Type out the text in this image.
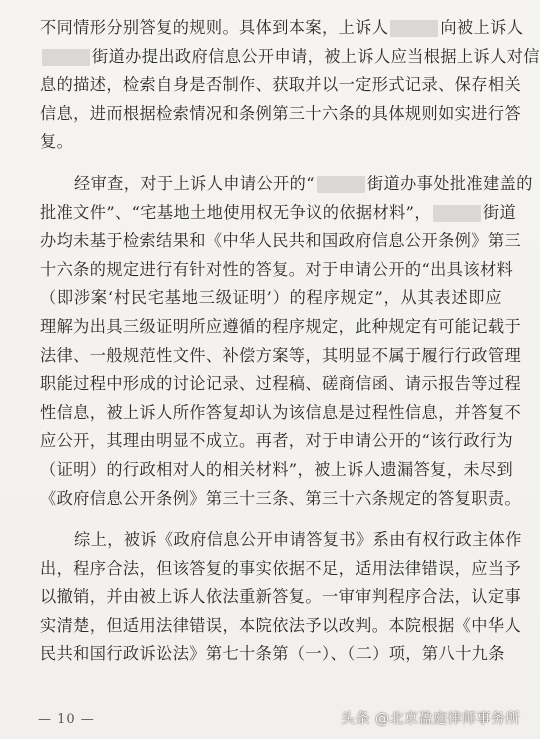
不同情形分别答复的规则。具体到本案，上诉人	向被上诉人
街道办提出政府信息公开申请，被上诉人应当根据上诉人对信
息的描述，检索自身是否制作、获取并以一定形式记录、保存相关
信息，进而根据检索情况和条例第三十六条的具体规则如实进行答
复。
经审查，对于上诉人申请公开的“	街道办事处批准建盖的
批准文件”、“宅基地土地使用权无争议的依据材料”，	街道
办均未基于检索结果和《中华人民共和国政府信息公开条例》第三
十六条的规定进行有针对性的答复。对于申请公开的“出具该材料
（即涉案‘村民宅基地三级证明’）的程序规定”，从其表述即应
理解为出具三级证明所应遵循的程序规定，此种规定有可能记载于
法律、一般规范性文件、补偿方案等，其明显不属于履行行政管理
职能过程中形成的讨论记录、过程稿、磋商信函、请示报告等过程
性信息，被上诉人所作答复却认为该信息是过程性信息，并答复不
应公开，其理由明显不成立。再者，对于申请公开的“该行政行为
（证明）的行政相对人的相关材料”，被上诉人遗漏答复，未尽到
《政府信息公开条例》第三十三条、第三十六条规定的答复职责。
综上，被诉《政府信息公开申请答复书》系由有权行政主体作
出，程序合法，但该答复的事实依据不足，适用法律错误，应当予
以撤销，并由被上诉人依法重新答复。一审审判程序合法，认定事
实清楚，但适用法律错误，本院依法予以改判。本院根据《中华人
民共和国行政诉讼法》第七十条第（一）、（二）项，第八十九条
— 10 —	头条 @北京盈庭律师事务所
